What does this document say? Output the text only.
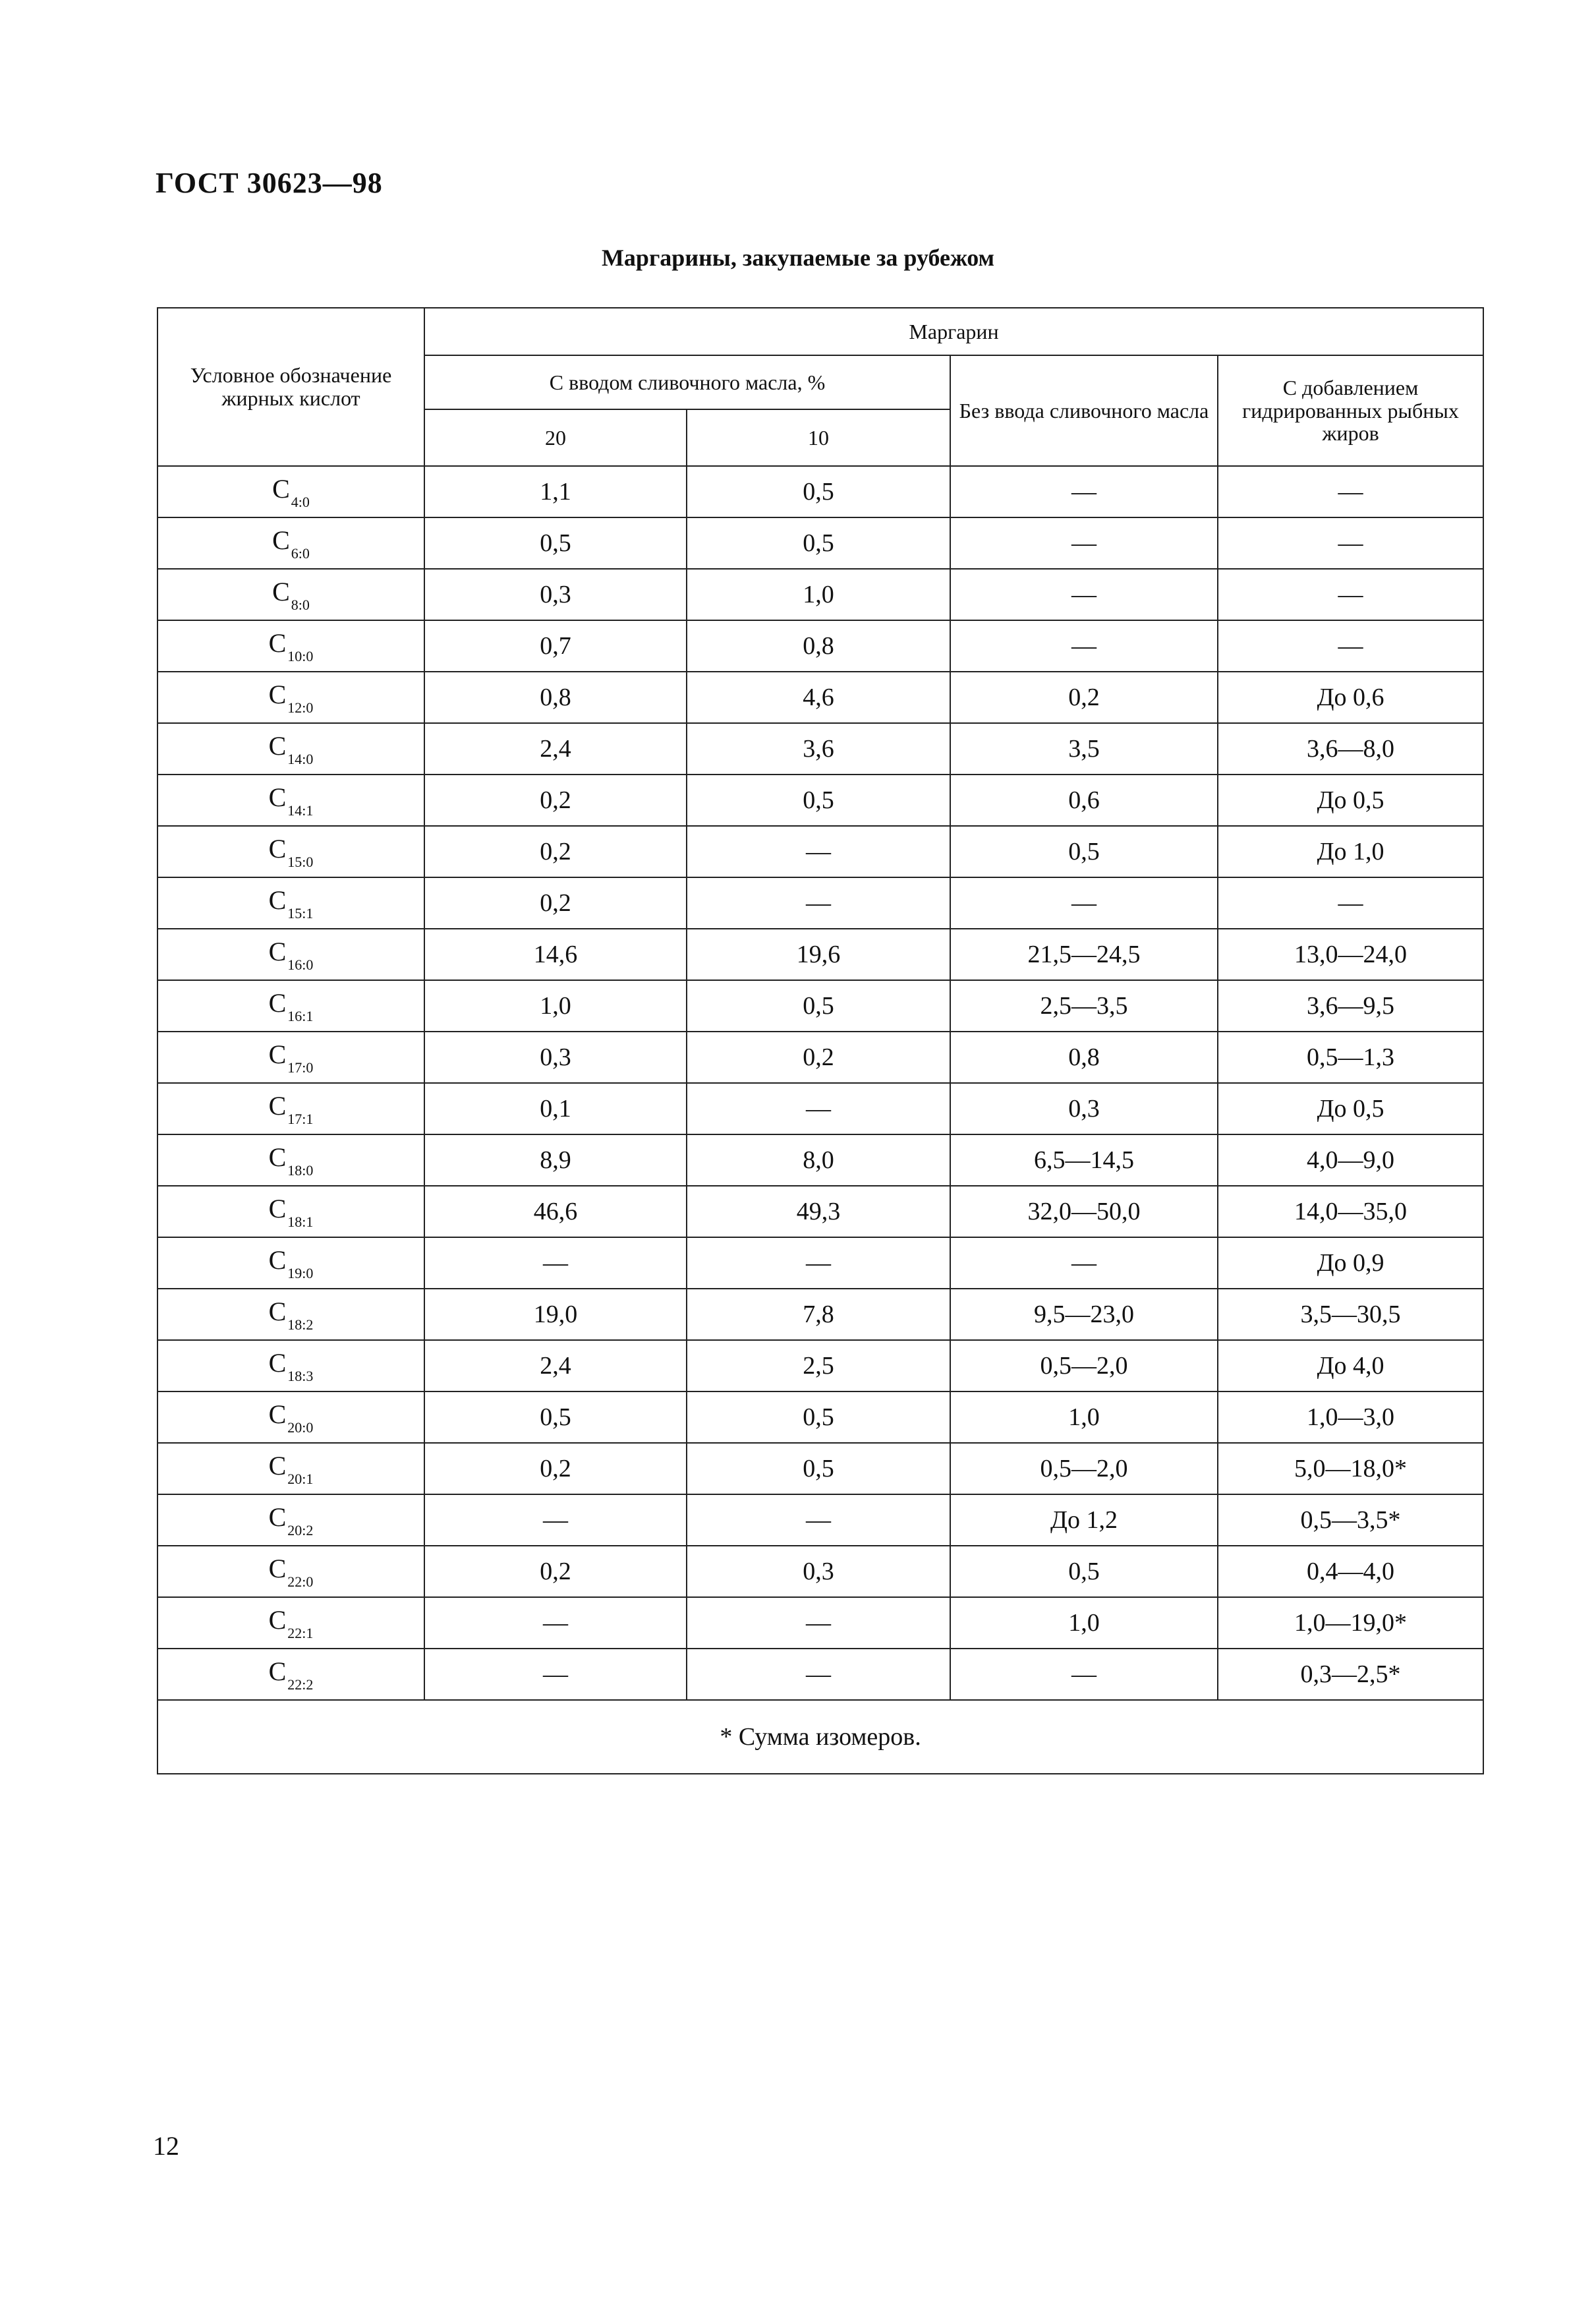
ГОСТ 30623—98
Маргарины, закупаемые за рубежом
Условное обозначение жирных кислот	Маргарин			
	С вводом сливочного масла, %		Без ввода сливочного масла	С добавлением гидрированных рыбных жиров
	20	10		
$С_{4:0}$	1,1	0,5	—	—
$С_{6:0}$	0,5	0,5	—	—
$С_{8:0}$	0,3	1,0	—	—
$С_{10:0}$	0,7	0,8	—	—
$С_{12:0}$	0,8	4,6	0,2	До 0,6
$С_{14:0}$	2,4	3,6	3,5	3,6—8,0
$С_{14:1}$	0,2	0,5	0,6	До 0,5
$С_{15:0}$	0,2	—	0,5	До 1,0
$С_{15:1}$	0,2	—	—	—
$С_{16:0}$	14,6	19,6	21,5—24,5	13,0—24,0
$С_{16:1}$	1,0	0,5	2,5—3,5	3,6—9,5
$С_{17:0}$	0,3	0,2	0,8	0,5—1,3
$С_{17:1}$	0,1	—	0,3	До 0,5
$С_{18:0}$	8,9	8,0	6,5—14,5	4,0—9,0
$С_{18:1}$	46,6	49,3	32,0—50,0	14,0—35,0
$С_{19:0}$	—	—	—	До 0,9
$С_{18:2}$	19,0	7,8	9,5—23,0	3,5—30,5
$С_{18:3}$	2,4	2,5	0,5—2,0	До 4,0
$С_{20:0}$	0,5	0,5	1,0	1,0—3,0
$С_{20:1}$	0,2	0,5	0,5—2,0	5,0—18,0*
$С_{20:2}$	—	—	До 1,2	0,5—3,5*
$С_{22:0}$	0,2	0,3	0,5	0,4—4,0
$С_{22:1}$	—	—	1,0	1,0—19,0*
$С_{22:2}$	—	—	—	0,3—2,5*
* Сумма изомеров.				
12
